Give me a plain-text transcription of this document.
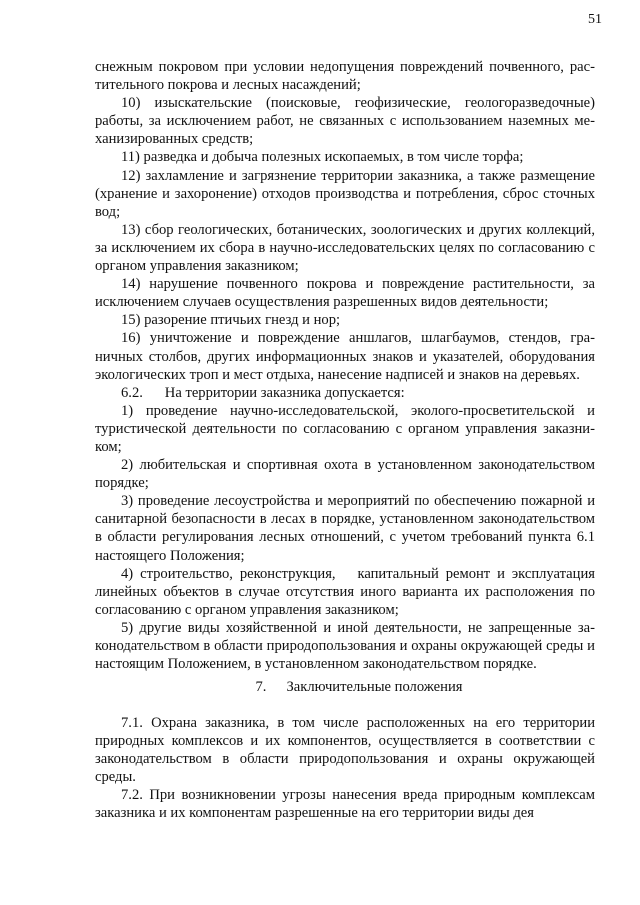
51

снежным покровом при условии недопущения повреждений почвенного, растительного покрова и лесных насаждений;

10) изыскательские (поисковые, геофизические, геологоразведочные) работы, за исключением работ, не связанных с использованием наземных механизированных средств;

11) разведка и добыча полезных ископаемых, в том числе торфа;

12) захламление и загрязнение территории заказника, а также размещение (хранение и захоронение) отходов производства и потребления, сброс сточных вод;

13) сбор геологических, ботанических, зоологических и других коллекций, за исключением их сбора в научно-исследовательских целях по согласованию с органом управления заказником;

14) нарушение почвенного покрова и повреждение растительности, за исключением случаев осуществления разрешенных видов деятельности;

15) разорение птичьих гнезд и нор;

16) уничтожение и повреждение аншлагов, шлагбаумов, стендов, граничных столбов, других информационных знаков и указателей, оборудования экологических троп и мест отдыха, нанесение надписей и знаков на деревьях.

6.2.  На территории заказника допускается:

1) проведение научно-исследовательской, эколого-просветительской и туристической деятельности по согласованию с органом управления заказником;

2) любительская и спортивная охота в установленном законодательством порядке;

3) проведение лесоустройства и мероприятий по обеспечению пожарной и санитарной безопасности в лесах в порядке, установленном законодательством в области регулирования лесных отношений, с учетом требований пункта 6.1 настоящего Положения;

4) строительство, реконструкция,  капитальный ремонт и эксплуатация линейных объектов в случае отсутствия иного варианта их расположения по согласованию с органом управления заказником;

5) другие виды хозяйственной и иной деятельности, не запрещенные законодательством в области природопользования и охраны окружающей среды и настоящим Положением, в установленном законодательством порядке.

7. Заключительные положения

7.1. Охрана заказника, в том числе расположенных на его территории природных комплексов и их компонентов, осуществляется в соответствии с законодательством в области природопользования и охраны окружающей среды.

7.2. При возникновении угрозы нанесения вреда природным комплексам заказника и их компонентам разрешенные на его территории виды дея
